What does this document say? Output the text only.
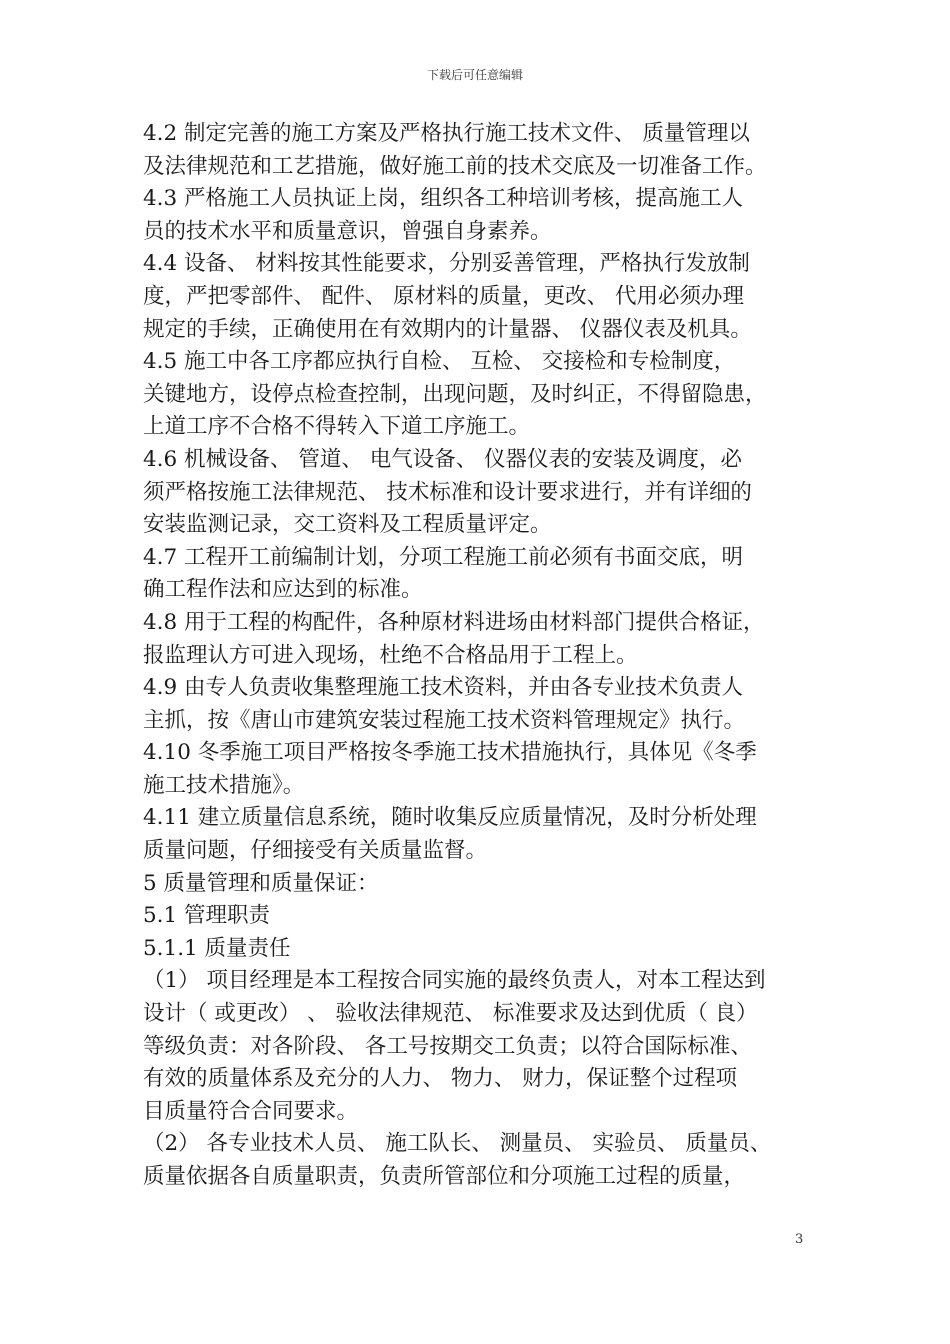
下载后可任意编辑
4.2 制定完善的施工方案及严格执行施工技术文件、 质量管理以
及法律规范和工艺措施，做好施工前的技术交底及一切准备工作。
4.3 严格施工人员执证上岗，组织各工种培训考核，提高施工人
员的技术水平和质量意识，曾强自身素养。
4.4 设备、 材料按其性能要求，分别妥善管理，严格执行发放制
度，严把零部件、 配件、 原材料的质量，更改、 代用必须办理
规定的手续，正确使用在有效期内的计量器、 仪器仪表及机具。
4.5 施工中各工序都应执行自检、 互检、 交接检和专检制度，
关键地方，设停点检查控制，出现问题，及时纠正，不得留隐患，
上道工序不合格不得转入下道工序施工。
4.6 机械设备、 管道、 电气设备、 仪器仪表的安装及调度，必
须严格按施工法律规范、 技术标准和设计要求进行，并有详细的
安装监测记录，交工资料及工程质量评定。
4.7 工程开工前编制计划，分项工程施工前必须有书面交底，明
确工程作法和应达到的标准。
4.8 用于工程的构配件，各种原材料进场由材料部门提供合格证，
报监理认方可进入现场，杜绝不合格品用于工程上。
4.9 由专人负责收集整理施工技术资料，并由各专业技术负责人
主抓，按《唐山市建筑安装过程施工技术资料管理规定》执行。
4.10 冬季施工项目严格按冬季施工技术措施执行，具体见《冬季
施工技术措施》。
4.11 建立质量信息系统，随时收集反应质量情况，及时分析处理
质量问题，仔细接受有关质量监督。
5 质量管理和质量保证：
5.1 管理职责
5.1.1 质量责任
（1） 项目经理是本工程按合同实施的最终负责人，对本工程达到
设计（ 或更改） 、 验收法律规范、 标准要求及达到优质（ 良）
等级负责：对各阶段、 各工号按期交工负责；以符合国际标准、
有效的质量体系及充分的人力、 物力、 财力，保证整个过程项
目质量符合合同要求。
（2） 各专业技术人员、 施工队长、 测量员、 实验员、 质量员、
质量依据各自质量职责，负责所管部位和分项施工过程的质量，
3
